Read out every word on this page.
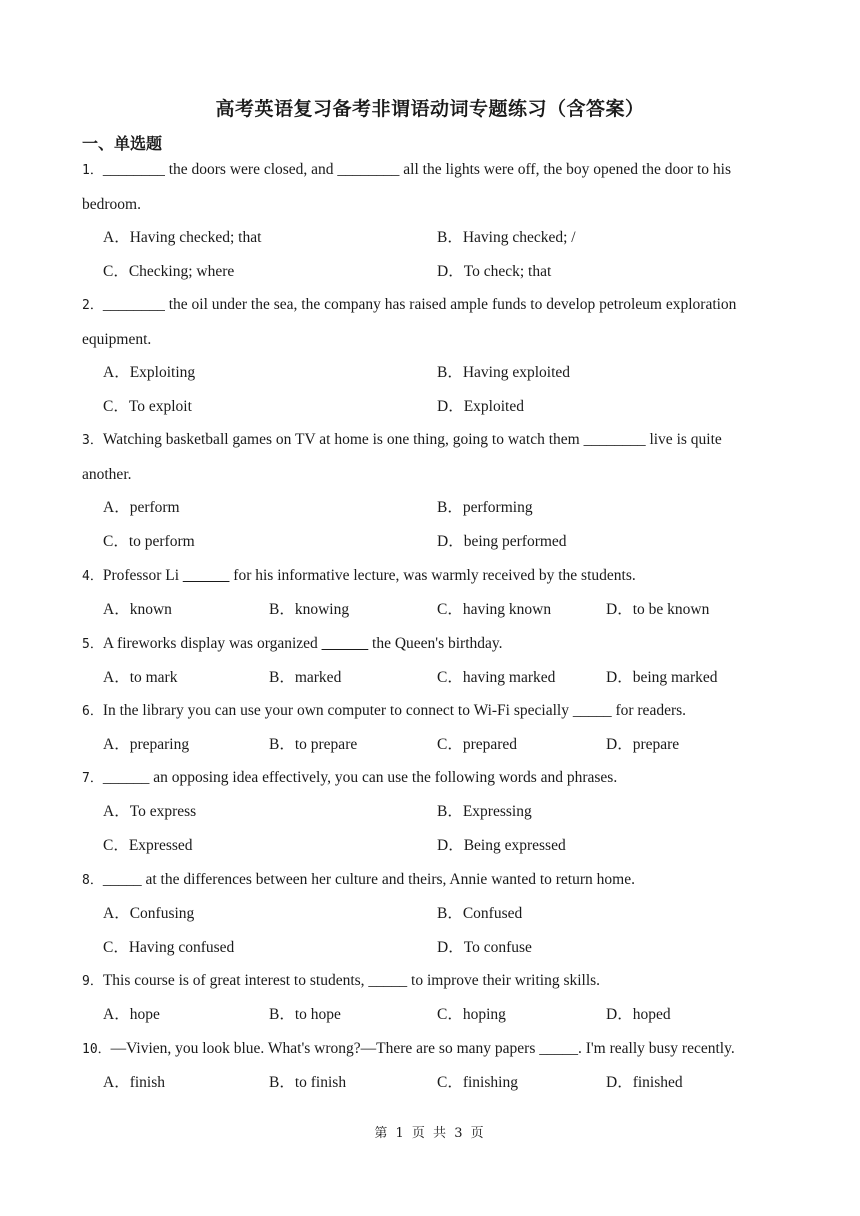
高考英语复习备考非谓语动词专题练习（含答案）
一、单选题
1．________ the doors were closed, and ________ all the lights were off, the boy opened the door to his bedroom.
A．Having checked; that	B．Having checked; /
C．Checking; where	D．To check; that
2．________ the oil under the sea, the company has raised ample funds to develop petroleum exploration equipment.
A．Exploiting	B．Having exploited
C．To exploit	D．Exploited
3．Watching basketball games on TV at home is one thing, going to watch them ________ live is quite another.
A．perform	B．performing
C．to perform	D．being performed
4．Professor Li ______ for his informative lecture, was warmly received by the students.
A．known	B．knowing	C．having known	D．to be known
5．A fireworks display was organized ______ the Queen's birthday.
A．to mark	B．marked	C．having marked	D．being marked
6．In the library you can use your own computer to connect to Wi-Fi specially _____ for readers.
A．preparing	B．to prepare	C．prepared	D．prepare
7．______ an opposing idea effectively, you can use the following words and phrases.
A．To express	B．Expressing
C．Expressed	D．Being expressed
8．_____ at the differences between her culture and theirs, Annie wanted to return home.
A．Confusing	B．Confused
C．Having confused	D．To confuse
9．This course is of great interest to students, _____ to improve their writing skills.
A．hope	B．to hope	C．hoping	D．hoped
10．—Vivien, you look blue. What's wrong?—There are so many papers _____. I'm really busy recently.
A．finish	B．to finish	C．finishing	D．finished
第 1 页 共 3 页
